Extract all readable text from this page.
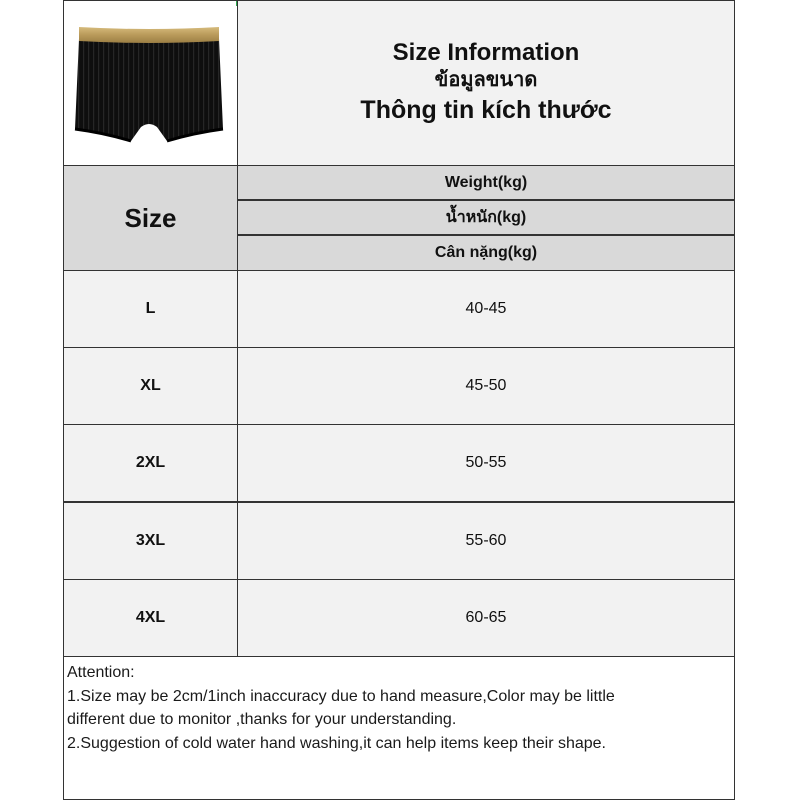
Size Information
ข้อมูลขนาด
Thông tin kích thước
Size
Weight(kg)
น้ำหนัก(kg)
Cân nặng(kg)
L	40-45
XL	45-50
2XL	50-55
3XL	55-60
4XL	60-65
Attention:
1.Size may be 2cm/1inch inaccuracy due to hand measure,Color may be little
different due to monitor ,thanks for your understanding.
2.Suggestion of cold water hand washing,it can help items keep their shape.
